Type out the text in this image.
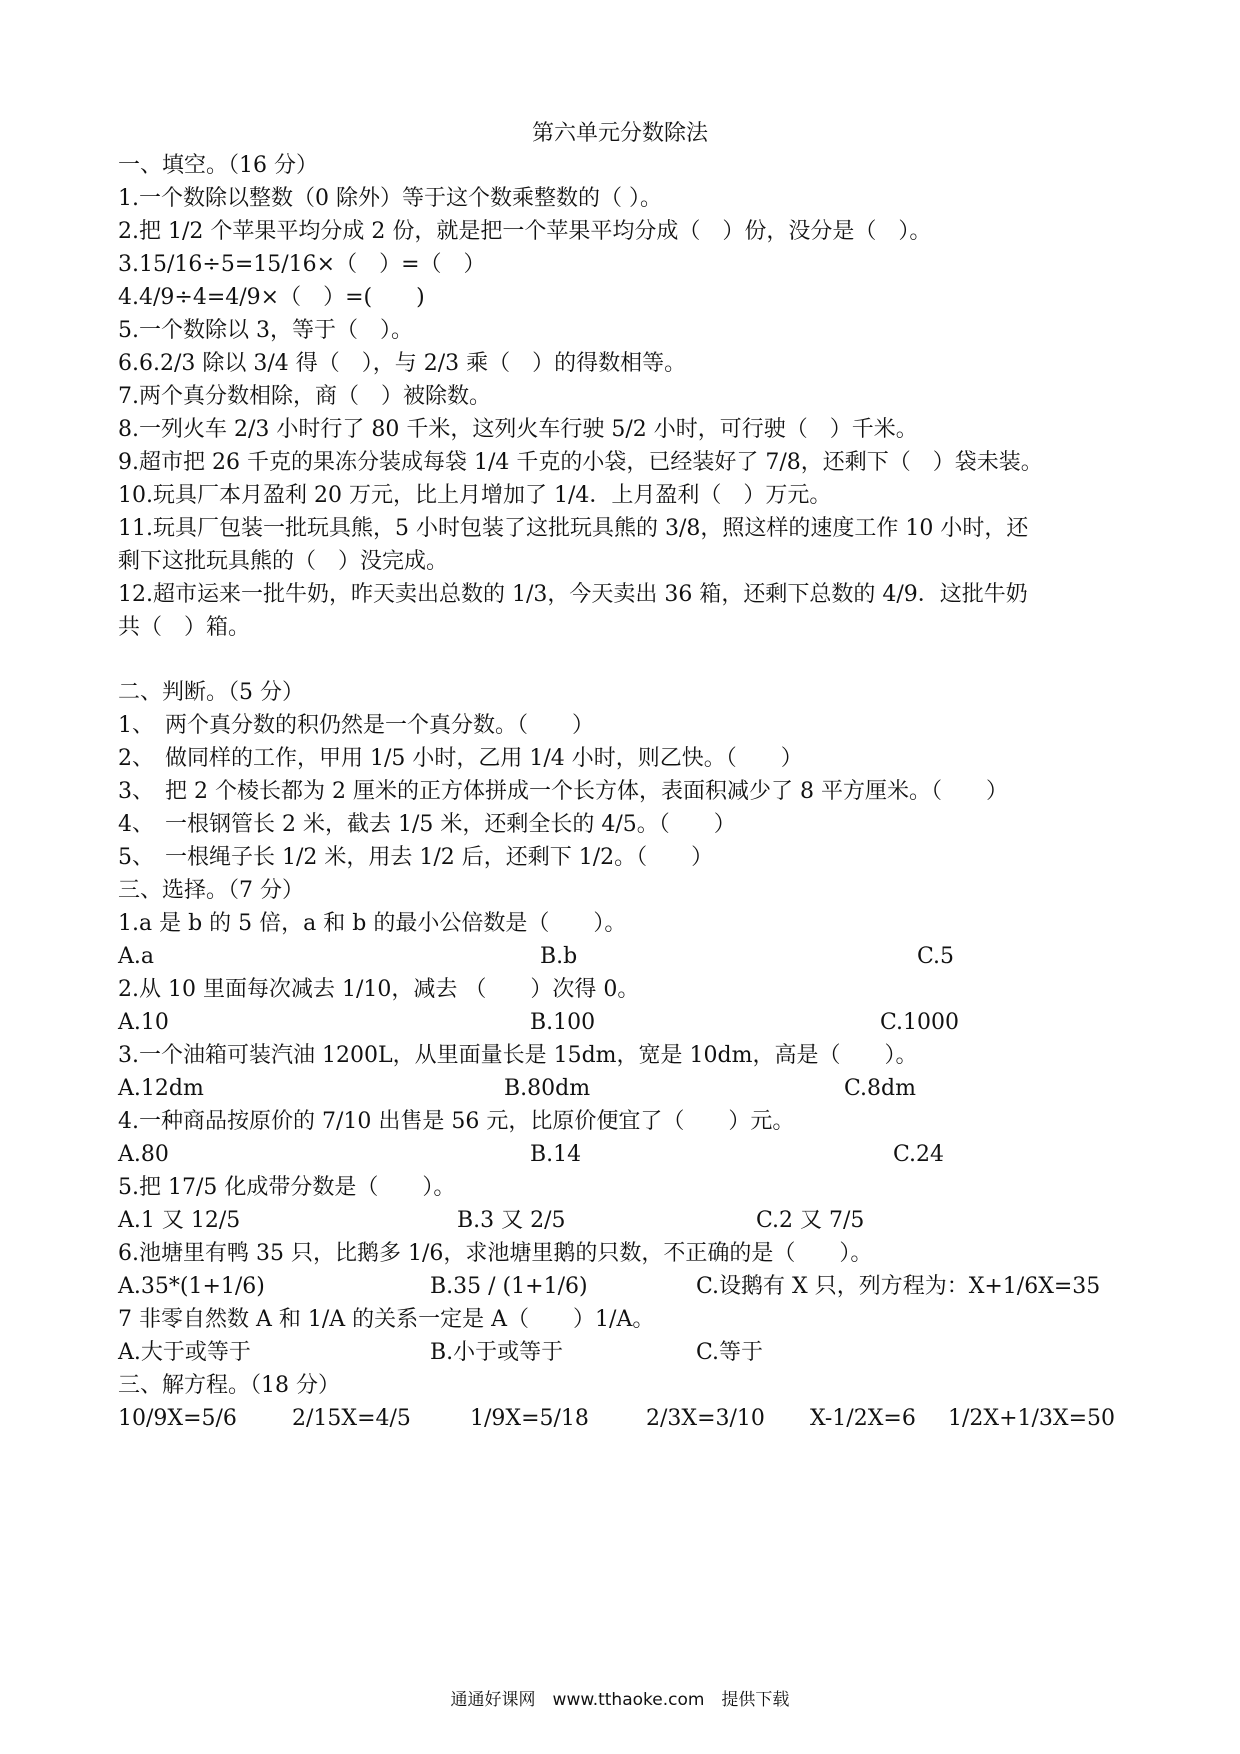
第六单元分数除法
一、填空。（16 分）
1.一个数除以整数（0 除外）等于这个数乘整数的（ ）。
2.把 1/2 个苹果平均分成 2 份，就是把一个苹果平均分成（　）份，没分是（　）。
3.15/16÷5=15/16×（　）=（　）
4.4/9÷4=4/9×（　）=(　　)
5.一个数除以 3，等于（　）。
6.6.2/3 除以 3/4 得（　），与 2/3 乘（　）的得数相等。
7.两个真分数相除，商（　）被除数。
8.一列火车 2/3 小时行了 80 千米，这列火车行驶 5/2 小时，可行驶（　）千米。
9.超市把 26 千克的果冻分装成每袋 1/4 千克的小袋，已经装好了 7/8，还剩下（　）袋未装。
10.玩具厂本月盈利 20 万元，比上月增加了 1/4．上月盈利（　）万元。
11.玩具厂包装一批玩具熊，5 小时包装了这批玩具熊的 3/8，照这样的速度工作 10 小时，还
剩下这批玩具熊的（　）没完成。
12.超市运来一批牛奶，昨天卖出总数的 1/3，今天卖出 36 箱，还剩下总数的 4/9．这批牛奶
共（　）箱。
二、判断。（5 分）
1、　两个真分数的积仍然是一个真分数。（　　）
2、　做同样的工作，甲用 1/5 小时，乙用 1/4 小时，则乙快。（　　）
3、　把 2 个棱长都为 2 厘米的正方体拼成一个长方体，表面积减少了 8 平方厘米。（　　）
4、　一根钢管长 2 米，截去 1/5 米，还剩全长的 4/5。（　　）
5、　一根绳子长 1/2 米，用去 1/2 后，还剩下 1/2。（　　）
三、选择。（7 分）
1.a 是 b 的 5 倍，a 和 b 的最小公倍数是（　　）。
A.a	B.b	C.5
2.从 10 里面每次减去 1/10，减去 （　　）次得 0。
A.10	B.100	C.1000
3.一个油箱可装汽油 1200L，从里面量长是 15dm，宽是 10dm，高是（　　）。
A.12dm	B.80dm	C.8dm
4.一种商品按原价的 7/10 出售是 56 元，比原价便宜了（　　）元。
A.80	B.14	C.24
5.把 17/5 化成带分数是（　　）。
A.1 又 12/5	B.3 又 2/5	C.2 又 7/5
6.池塘里有鸭 35 只，比鹅多 1/6，求池塘里鹅的只数，不正确的是（　　）。
A.35*(1+1/6)	B.35 / (1+1/6)	C.设鹅有 X 只，列方程为：X+1/6X=35
7 非零自然数 A 和 1/A 的关系一定是 A（　　）1/A。
A.大于或等于	B.小于或等于	C.等于
三、解方程。（18 分）
10/9X=5/6	2/15X=4/5	1/9X=5/18	2/3X=3/10 X-1/2X=6 1/2X+1/3X=50
通通好课网　www.tthaoke.com　提供下载
